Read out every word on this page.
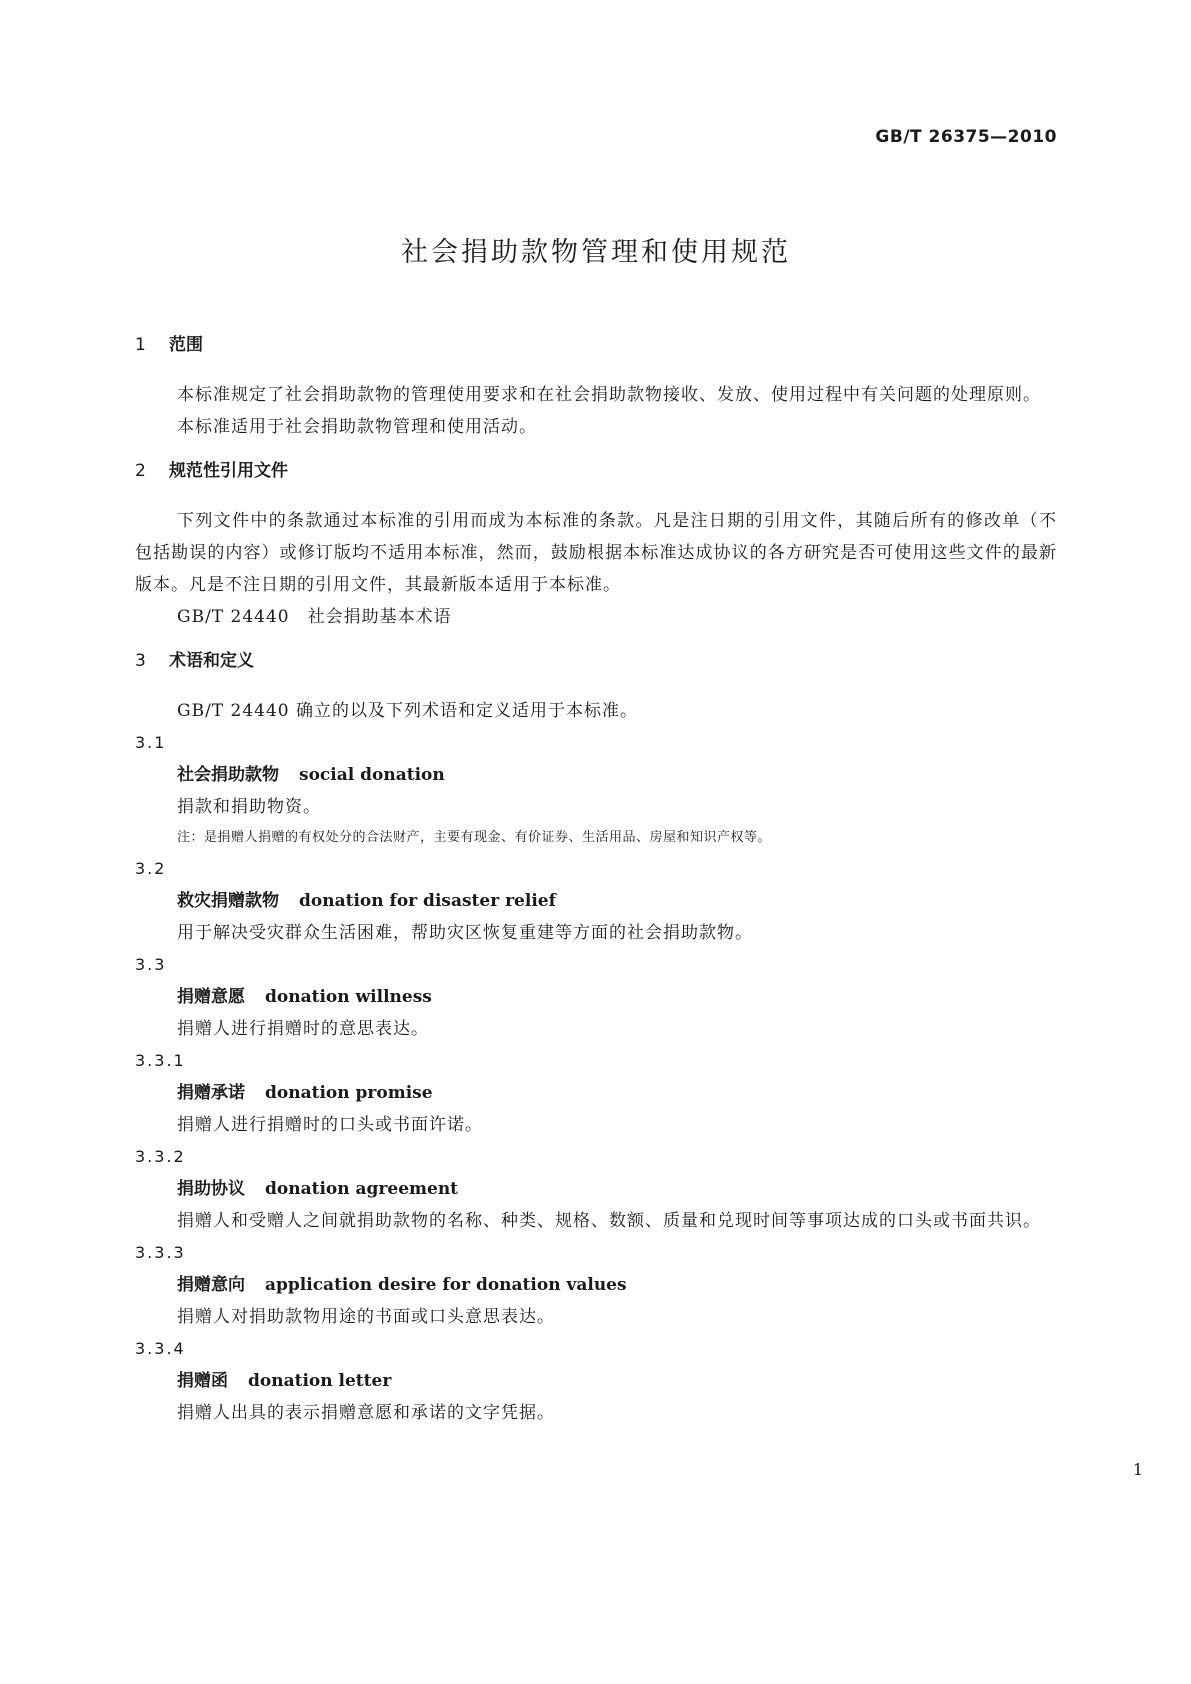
GB/T 26375—2010
社会捐助款物管理和使用规范
1 范围

本标准规定了社会捐助款物的管理使用要求和在社会捐助款物接收、发放、使用过程中有关问题的处理原则。

本标准适用于社会捐助款物管理和使用活动。

2 规范性引用文件

下列文件中的条款通过本标准的引用而成为本标准的条款。凡是注日期的引用文件，其随后所有的修改单（不包括勘误的内容）或修订版均不适用本标准，然而，鼓励根据本标准达成协议的各方研究是否可使用这些文件的最新版本。凡是不注日期的引用文件，其最新版本适用于本标准。

GB/T 24440　社会捐助基本术语

3 术语和定义

GB/T 24440 确立的以及下列术语和定义适用于本标准。

3.1

社会捐助款物 social donation

捐款和捐助物资。

注：是捐赠人捐赠的有权处分的合法财产，主要有现金、有价证券、生活用品、房屋和知识产权等。

3.2

救灾捐赠款物 donation for disaster relief

用于解决受灾群众生活困难，帮助灾区恢复重建等方面的社会捐助款物。

3.3

捐赠意愿 donation willness

捐赠人进行捐赠时的意思表达。

3.3.1

捐赠承诺 donation promise

捐赠人进行捐赠时的口头或书面许诺。

3.3.2

捐助协议 donation agreement

捐赠人和受赠人之间就捐助款物的名称、种类、规格、数额、质量和兑现时间等事项达成的口头或书面共识。

3.3.3

捐赠意向 application desire for donation values

捐赠人对捐助款物用途的书面或口头意思表达。

3.3.4

捐赠函 donation letter

捐赠人出具的表示捐赠意愿和承诺的文字凭据。

1
